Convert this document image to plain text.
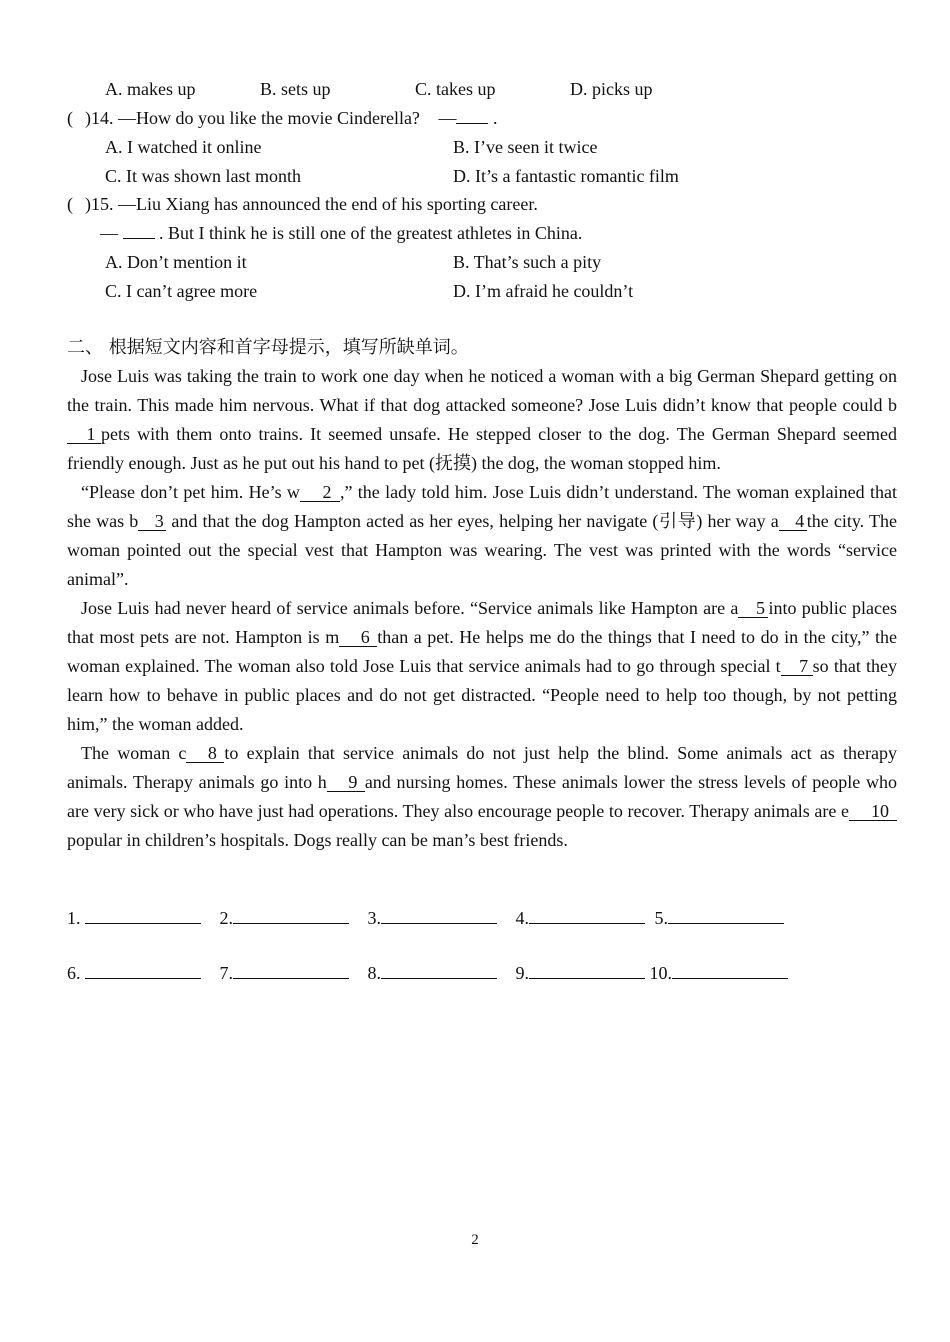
A. makes up	B. sets up	C. takes up	D. picks up
( )14. —How do you like the movie Cinderella? — .
A. I watched it online	B. I’ve seen it twice
C. It was shown last month	D. It’s a fantastic romantic film
( )15. —Liu Xiang has announced the end of his sporting career.
— . But I think he is still one of the greatest athletes in China.
A. Don’t mention it	B. That’s such a pity
C. I can’t agree more	D. I’m afraid he couldn’t
二、 根据短文内容和首字母提示，填写所缺单词。

Jose Luis was taking the train to work one day when he noticed a woman with a big German Shepard getting on the train. This made him nervous. What if that dog attacked someone? Jose Luis didn’t know that people could b1 pets with them onto trains. It seemed unsafe. He stepped closer to the dog. The German Shepard seemed friendly enough. Just as he put out his hand to pet (抚摸) the dog, the woman stopped him.

“Please don’t pet him. He’s w 2 ,” the lady told him. Jose Luis didn’t understand. The woman explained that she was b 3 and that the dog Hampton acted as her eyes, helping her navigate (引导) her way a 4 the city. The woman pointed out the special vest that Hampton was wearing. The vest was printed with the words “service animal”.

Jose Luis had never heard of service animals before. “Service animals like Hampton are a 5 into public places that most pets are not. Hampton is m 6 than a pet. He helps me do the things that I need to do in the city,” the woman explained. The woman also told Jose Luis that service animals had to go through special t 7 so that they learn how to behave in public places and do not get distracted. “People need to help too though, by not petting him,” the woman added.

The woman c 8 to explain that service animals do not just help the blind. Some animals act as therapy animals. Therapy animals go into h 9 and nursing homes. These animals lower the stress levels of people who are very sick or who have just had operations. They also encourage people to recover. Therapy animals are e 10popular in children’s hospitals. Dogs really can be man’s best friends.

1.	2.	3.	4.	5.
6.	7.	8.	9.	10.
2
